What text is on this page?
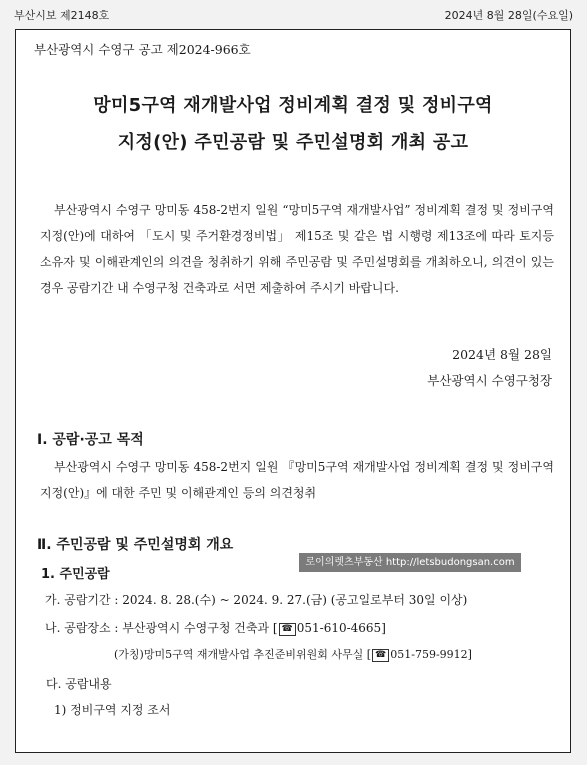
부산시보 제2148호	2024년 8월 28일(수요일)
부산광역시 수영구 공고 제2024-966호
망미5구역 재개발사업 정비계획 결정 및 정비구역
지정(안) 주민공람 및 주민설명회 개최 공고
부산광역시 수영구 망미동 458-2번지 일원 “망미5구역 재개발사업” 정비계획 결정 및 정비구역 지정(안)에 대하여 「도시 및 주거환경정비법」 제15조 및 같은 법 시행령 제13조에 따라 토지등소유자 및 이해관계인의 의견을 청취하기 위해 주민공람 및 주민설명회를 개최하오니, 의견이 있는 경우 공람기간 내 수영구청 건축과로 서면 제출하여 주시기 바랍니다.
2024년 8월 28일
부산광역시 수영구청장
Ⅰ. 공람·공고 목적
부산광역시 수영구 망미동 458-2번지 일원 『망미5구역 재개발사업 정비계획 결정 및 정비구역 지정(안)』에 대한 주민 및 이해관계인 등의 의견청취
Ⅱ. 주민공람 및 주민설명회 개요
1. 주민공람
가. 공람기간 : 2024. 8. 28.(수) ~ 2024. 9. 27.(금) (공고일로부터 30일 이상)
나. 공람장소 : 부산광역시 수영구청 건축과 [ ☎ 051-610-4665]
(가칭)망미5구역 재개발사업 추진준비위원회 사무실 [ ☎ 051-759-9912]
다. 공람내용
1) 정비구역 지정 조서
로이의렛츠부동산 http://letsbudongsan.com
